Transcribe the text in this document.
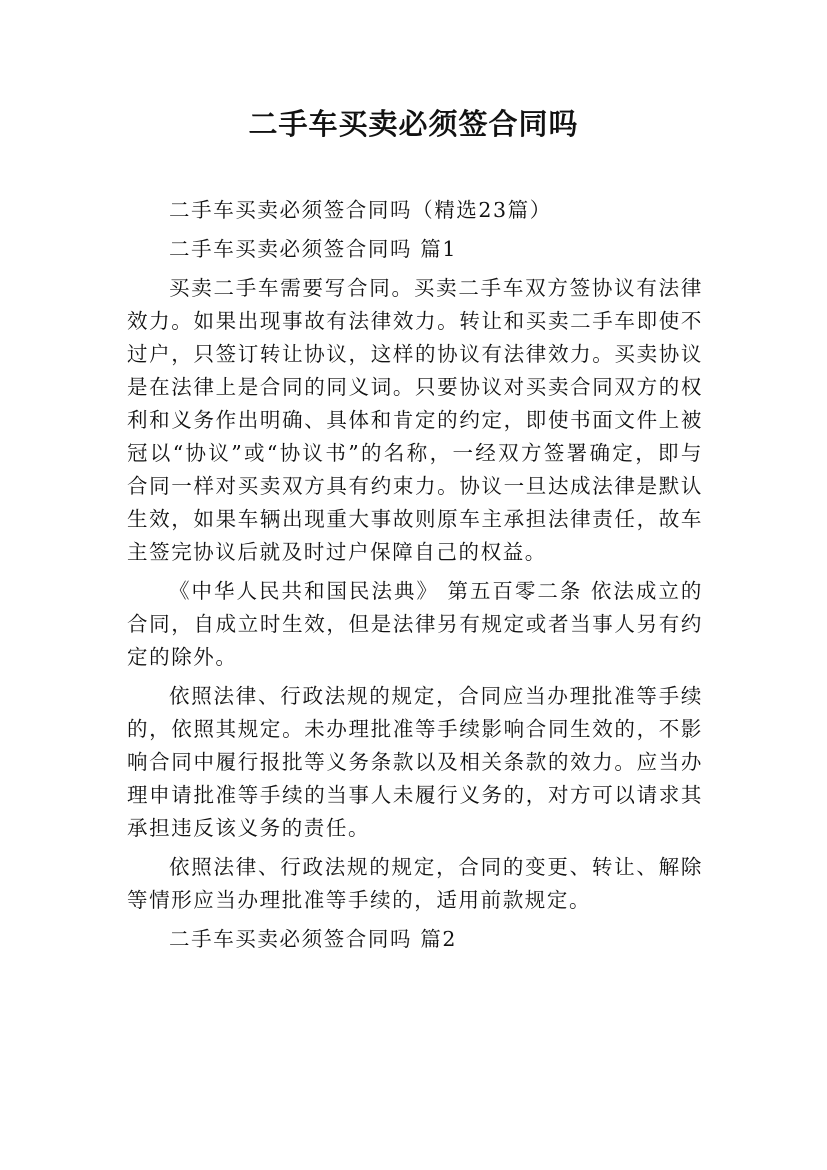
二手车买卖必须签合同吗

二手车买卖必须签合同吗（精选23篇）

二手车买卖必须签合同吗 篇1

买卖二手车需要写合同。买卖二手车双方签协议有法律效力。如果出现事故有法律效力。转让和买卖二手车即使不过户，只签订转让协议，这样的协议有法律效力。买卖协议是在法律上是合同的同义词。只要协议对买卖合同双方的权利和义务作出明确、具体和肯定的约定，即使书面文件上被冠以“协议”或“协议书”的名称，一经双方签署确定，即与合同一样对买卖双方具有约束力。协议一旦达成法律是默认生效，如果车辆出现重大事故则原车主承担法律责任，故车主签完协议后就及时过户保障自己的权益。

《中华人民共和国民法典》 第五百零二条 依法成立的合同，自成立时生效，但是法律另有规定或者当事人另有约定的除外。

依照法律、行政法规的规定，合同应当办理批准等手续的，依照其规定。未办理批准等手续影响合同生效的，不影响合同中履行报批等义务条款以及相关条款的效力。应当办理申请批准等手续的当事人未履行义务的，对方可以请求其承担违反该义务的责任。

依照法律、行政法规的规定，合同的变更、转让、解除等情形应当办理批准等手续的，适用前款规定。

二手车买卖必须签合同吗 篇2
